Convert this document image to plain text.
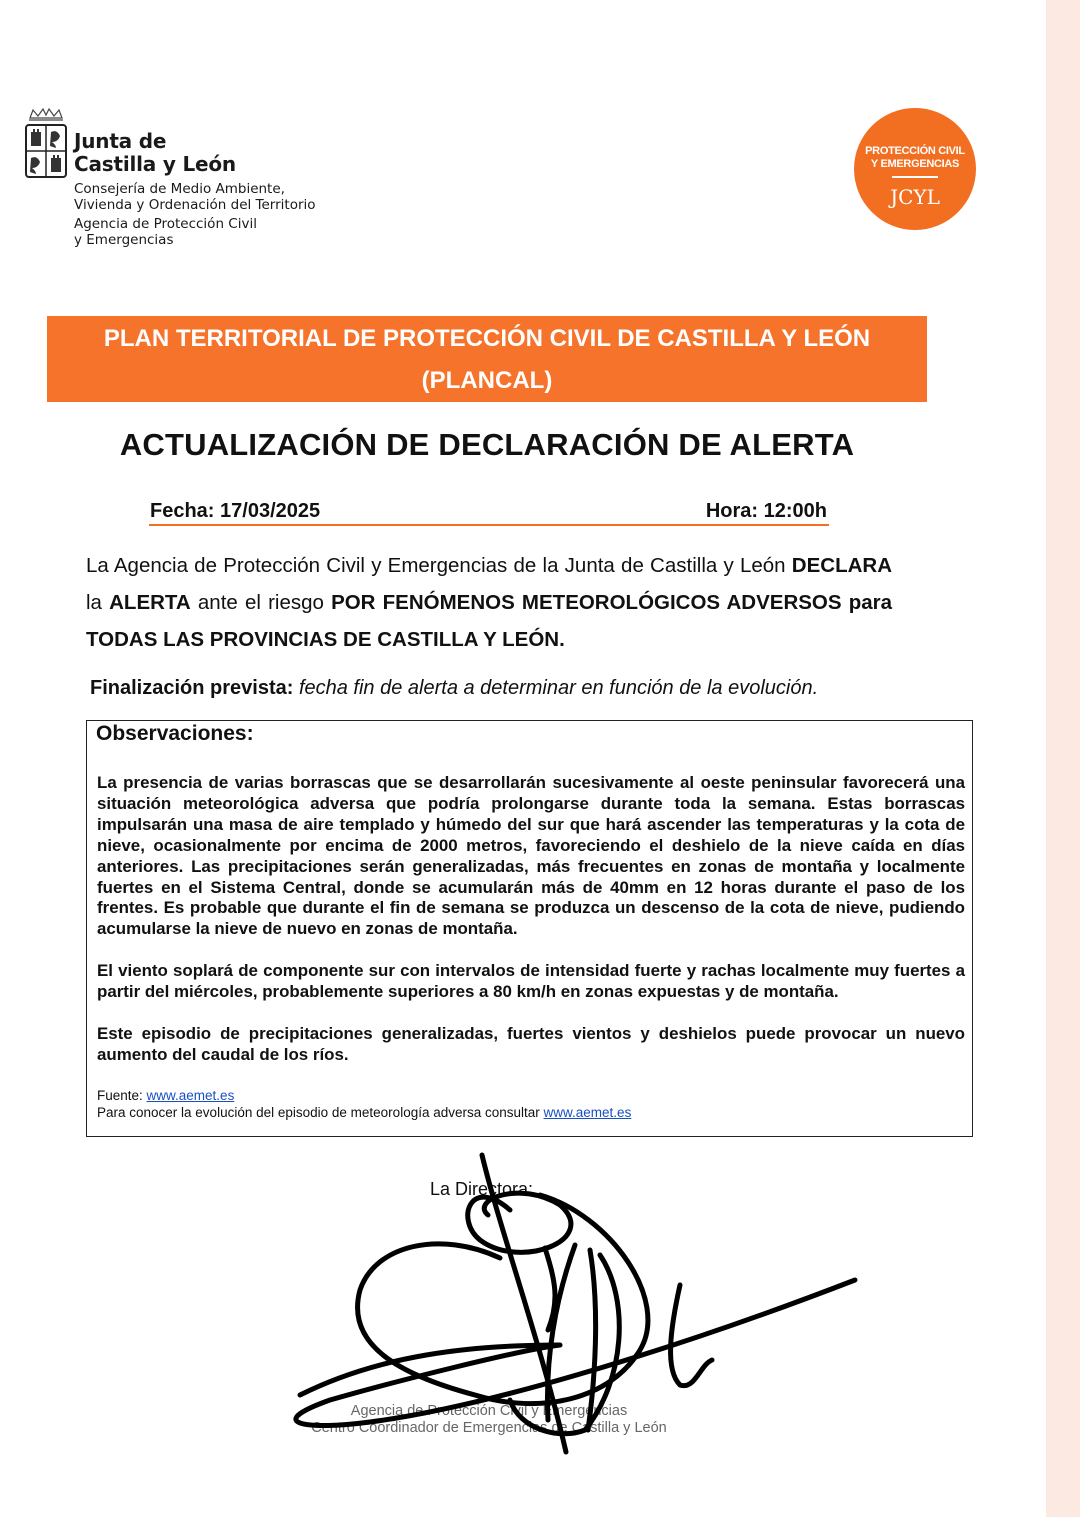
Junta de
Castilla y León
Consejería de Medio Ambiente,
Vivienda y Ordenación del Territorio
Agencia de Protección Civil
y Emergencias
PROTECCIÓN CIVIL
Y EMERGENCIAS
JCYL
PLAN TERRITORIAL DE PROTECCIÓN CIVIL DE CASTILLA Y LEÓN
(PLANCAL)
ACTUALIZACIÓN DE DECLARACIÓN DE ALERTA
Fecha: 17/03/2025	Hora: 12:00h
La Agencia de Protección Civil y Emergencias de la Junta de Castilla y León DECLARA la ALERTA ante el riesgo POR FENÓMENOS METEOROLÓGICOS ADVERSOS para TODAS LAS PROVINCIAS DE CASTILLA Y LEÓN.
Finalización prevista: fecha fin de alerta a determinar en función de la evolución.
Observaciones:

La presencia de varias borrascas que se desarrollarán sucesivamente al oeste peninsular favorecerá una situación meteorológica adversa que podría prolongarse durante toda la semana. Estas borrascas impulsarán una masa de aire templado y húmedo del sur que hará ascender las temperaturas y la cota de nieve, ocasionalmente por encima de 2000 metros, favoreciendo el deshielo de la nieve caída en días anteriores. Las precipitaciones serán generalizadas, más frecuentes en zonas de montaña y localmente fuertes en el Sistema Central, donde se acumularán más de 40mm en 12 horas durante el paso de los frentes. Es probable que durante el fin de semana se produzca un descenso de la cota de nieve, pudiendo acumularse la nieve de nuevo en zonas de montaña.

El viento soplará de componente sur con intervalos de intensidad fuerte y rachas localmente muy fuertes a partir del miércoles, probablemente superiores a 80 km/h en zonas expuestas y de montaña.

Este episodio de precipitaciones generalizadas, fuertes vientos y deshielos puede provocar un nuevo aumento del caudal de los ríos.

Fuente: www.aemet.es
Para conocer la evolución del episodio de meteorología adversa consultar www.aemet.es
La Directora:
Agencia de Protección Civil y Emergencias
Centro Coordinador de Emergencias de Castilla y León
